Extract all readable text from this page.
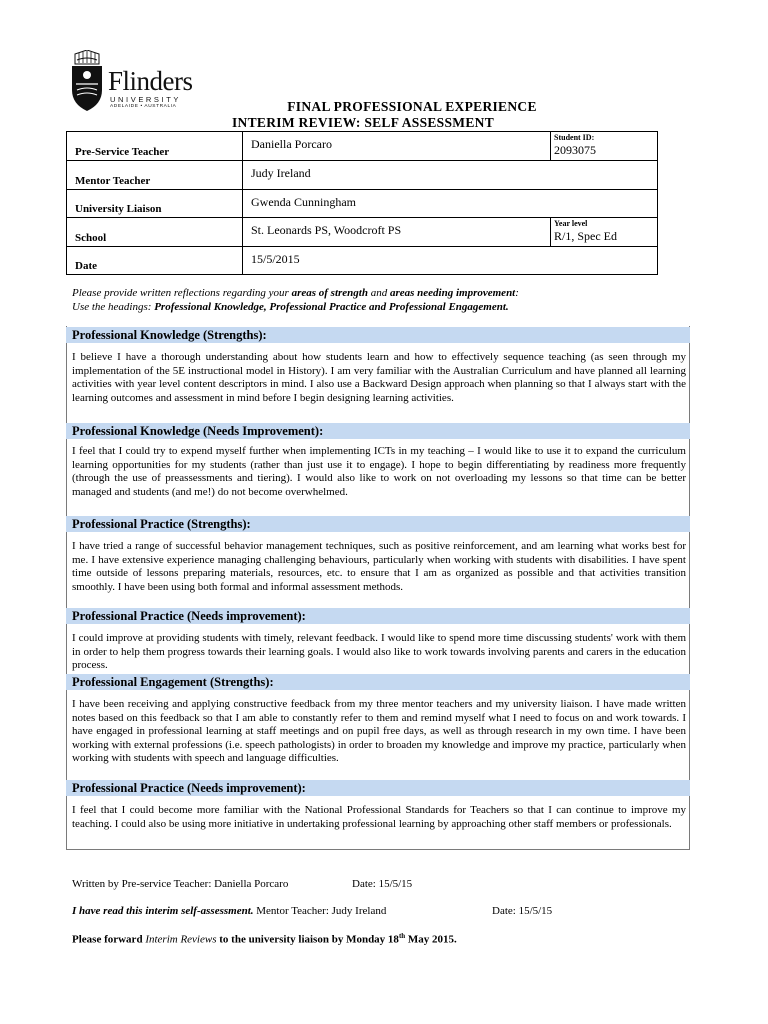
Flinders
UNIVERSITY
ADELAIDE • AUSTRALIA	FINAL PROFESSIONAL EXPERIENCE
INTERIM REVIEW: SELF ASSESSMENT
Pre-Service Teacher	Daniella Porcaro	Student ID:
2093075

Mentor Teacher	Judy Ireland	
University Liaison	Gwenda Cunningham	
School	St. Leonards PS, Woodcroft PS	Year level
R/1, Spec Ed

Date	15/5/2015	
Please provide written reflections regarding your areas of strength and areas needing improvement:
Use the headings: Professional Knowledge, Professional Practice and Professional Engagement.
Professional Knowledge (Strengths):
I believe I have a thorough understanding about how students learn and how to effectively sequence teaching (as seen through my implementation of the 5E instructional model in History). I am very familiar with the Australian Curriculum and have planned all learning activities with year level content descriptors in mind. I also use a Backward Design approach when planning so that I always start with the learning outcomes and assessment in mind before I begin designing learning activities.
Professional Knowledge (Needs Improvement):
I feel that I could try to expend myself further when implementing ICTs in my teaching – I would like to use it to expand the curriculum learning opportunities for my students (rather than just use it to engage). I hope to begin differentiating by readiness more frequently (through the use of preassessments and tiering). I would also like to work on not overloading my lessons so that time can be better managed and students (and me!) do not become overwhelmed.
Professional Practice (Strengths):
I have tried a range of successful behavior management techniques, such as positive reinforcement, and am learning what works best for me. I have extensive experience managing challenging behaviours, particularly when working with students with disabilities. I have spent time outside of lessons preparing materials, resources, etc. to ensure that I am as organized as possible and that activities transition smoothly. I have been using both formal and informal assessment methods.
Professional Practice (Needs improvement):
I could improve at providing students with timely, relevant feedback. I would like to spend more time discussing students' work with them in order to help them progress towards their learning goals. I would also like to work towards involving parents and carers in the education process.
Professional Engagement (Strengths):
I have been receiving and applying constructive feedback from my three mentor teachers and my university liaison. I have made written notes based on this feedback so that I am able to constantly refer to them and remind myself what I need to focus on and work towards. I have engaged in professional learning at staff meetings and on pupil free days, as well as through research in my own time. I have been working with external professions (i.e. speech pathologists) in order to broaden my knowledge and improve my practice, particularly when working with students with speech and language difficulties.
Professional Practice (Needs improvement):
I feel that I could become more familiar with the National Professional Standards for Teachers so that I can continue to improve my teaching. I could also be using more initiative in undertaking professional learning by approaching other staff members or professionals.
Written by Pre-service Teacher: Daniella Porcaro	Date: 15/5/15
I have read this interim self-assessment. Mentor Teacher: Judy Ireland	Date: 15/5/15
Please forward Interim Reviews to the university liaison by Monday 18th May 2015.
